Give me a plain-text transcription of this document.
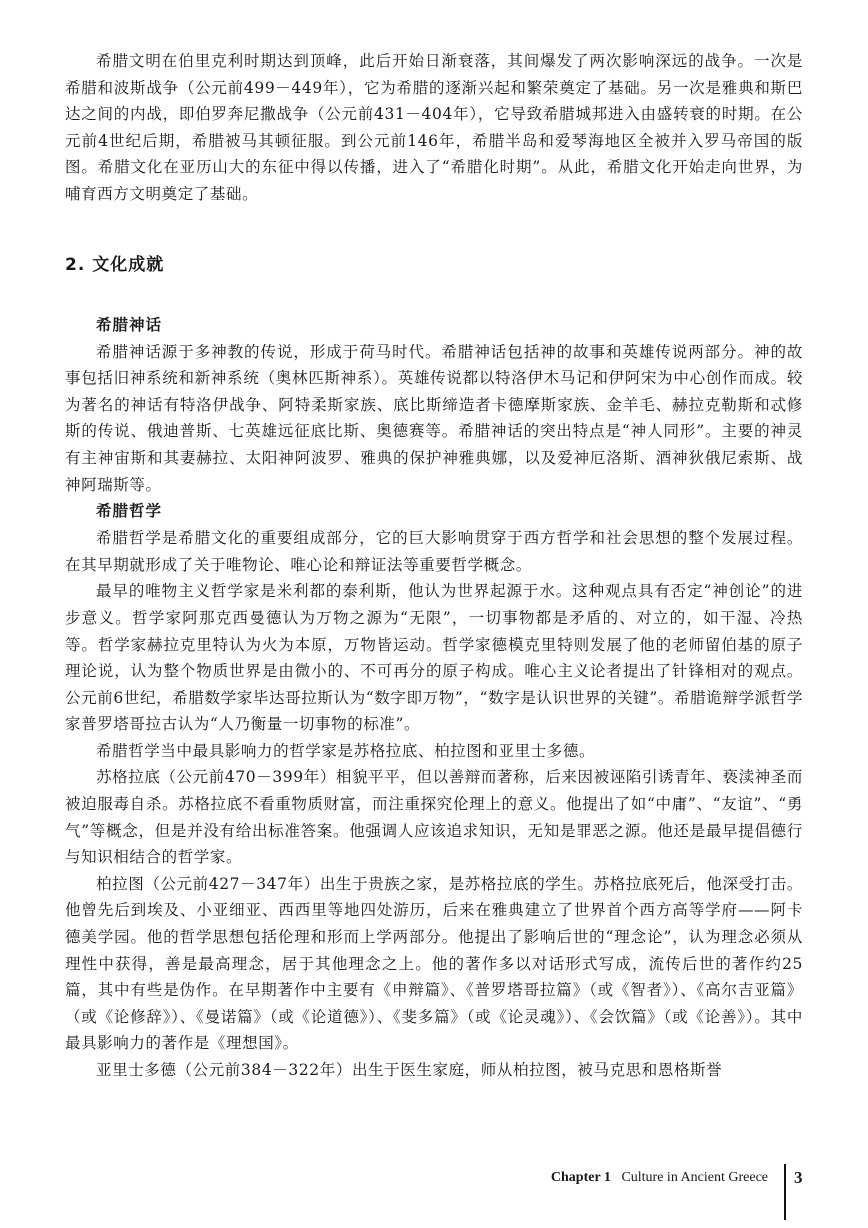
希腊文明在伯里克利时期达到顶峰，此后开始日渐衰落，其间爆发了两次影响深远的战争。一次是希腊和波斯战争（公元前499－449年），它为希腊的逐渐兴起和繁荣奠定了基础。另一次是雅典和斯巴达之间的内战，即伯罗奔尼撒战争（公元前431－404年），它导致希腊城邦进入由盛转衰的时期。在公元前4世纪后期，希腊被马其顿征服。到公元前146年，希腊半岛和爱琴海地区全被并入罗马帝国的版图。希腊文化在亚历山大的东征中得以传播，进入了“希腊化时期”。从此，希腊文化开始走向世界，为哺育西方文明奠定了基础。

2. 文化成就
希腊神话

希腊神话源于多神教的传说，形成于荷马时代。希腊神话包括神的故事和英雄传说两部分。神的故事包括旧神系统和新神系统（奥林匹斯神系）。英雄传说都以特洛伊木马记和伊阿宋为中心创作而成。较为著名的神话有特洛伊战争、阿特柔斯家族、底比斯缔造者卡德摩斯家族、金羊毛、赫拉克勒斯和忒修斯的传说、俄迪普斯、七英雄远征底比斯、奥德赛等。希腊神话的突出特点是“神人同形”。主要的神灵有主神宙斯和其妻赫拉、太阳神阿波罗、雅典的保护神雅典娜，以及爱神厄洛斯、酒神狄俄尼索斯、战神阿瑞斯等。

希腊哲学

希腊哲学是希腊文化的重要组成部分，它的巨大影响贯穿于西方哲学和社会思想的整个发展过程。在其早期就形成了关于唯物论、唯心论和辩证法等重要哲学概念。

最早的唯物主义哲学家是米利都的泰利斯，他认为世界起源于水。这种观点具有否定“神创论”的进步意义。哲学家阿那克西曼德认为万物之源为“无限”，一切事物都是矛盾的、对立的，如干湿、冷热等。哲学家赫拉克里特认为火为本原，万物皆运动。哲学家德模克里特则发展了他的老师留伯基的原子理论说，认为整个物质世界是由微小的、不可再分的原子构成。唯心主义论者提出了针锋相对的观点。公元前6世纪，希腊数学家毕达哥拉斯认为“数字即万物”，“数字是认识世界的关键”。希腊诡辩学派哲学家普罗塔哥拉古认为“人乃衡量一切事物的标准”。

希腊哲学当中最具影响力的哲学家是苏格拉底、柏拉图和亚里士多德。

苏格拉底（公元前470－399年）相貌平平，但以善辩而著称，后来因被诬陷引诱青年、亵渎神圣而被迫服毒自杀。苏格拉底不看重物质财富，而注重探究伦理上的意义。他提出了如“中庸”、“友谊”、“勇气”等概念，但是并没有给出标准答案。他强调人应该追求知识，无知是罪恶之源。他还是最早提倡德行与知识相结合的哲学家。

柏拉图（公元前427－347年）出生于贵族之家，是苏格拉底的学生。苏格拉底死后，他深受打击。他曾先后到埃及、小亚细亚、西西里等地四处游历，后来在雅典建立了世界首个西方高等学府——阿卡德美学园。他的哲学思想包括伦理和形而上学两部分。他提出了影响后世的“理念论”，认为理念必须从理性中获得，善是最高理念，居于其他理念之上。他的著作多以对话形式写成，流传后世的著作约25篇，其中有些是伪作。在早期著作中主要有《申辩篇》、《普罗塔哥拉篇》（或《智者》）、《高尔吉亚篇》（或《论修辞》）、《曼诺篇》（或《论道德》）、《斐多篇》（或《论灵魂》）、《会饮篇》（或《论善》）。其中最具影响力的著作是《理想国》。

亚里士多德（公元前384－322年）出生于医生家庭，师从柏拉图，被马克思和恩格斯誉

Chapter 1 Culture in Ancient Greece 3
